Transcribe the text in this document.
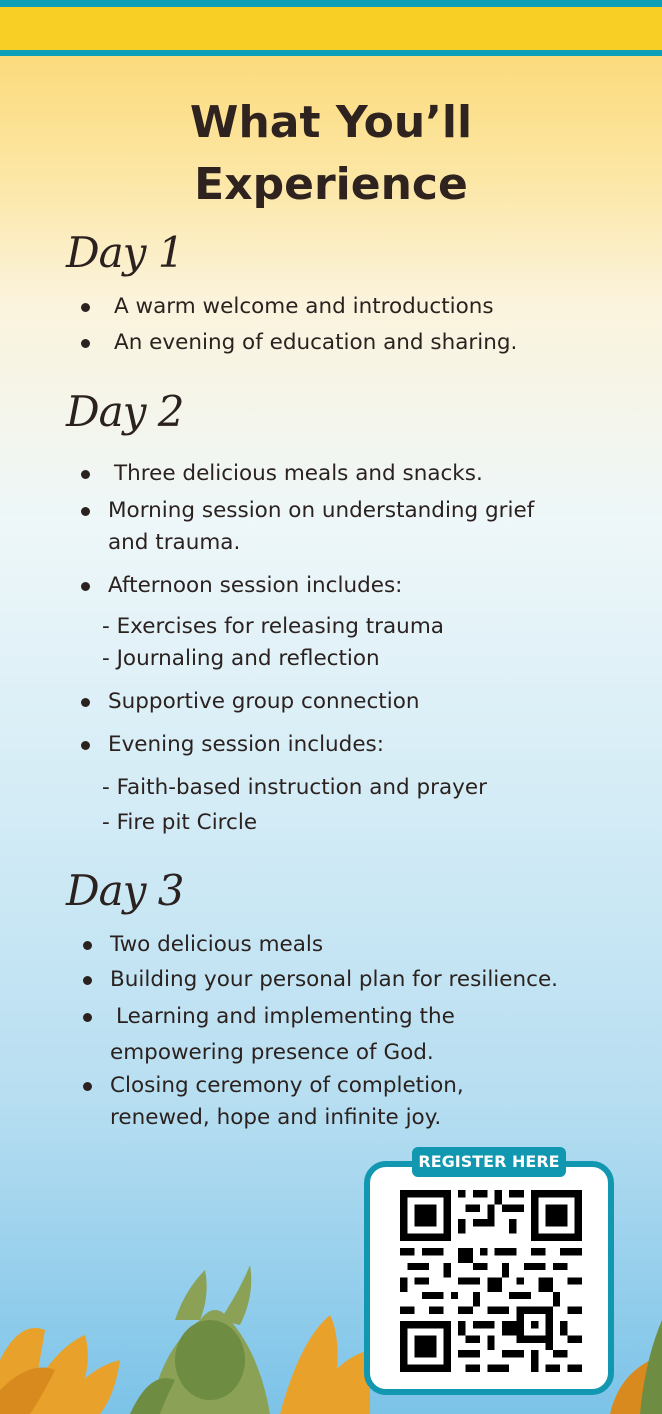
What You’ll
Experience
Day 1
A warm welcome and introductions
An evening of education and sharing.
Day 2
Three delicious meals and snacks.
Morning session on understanding grief
and trauma.
Afternoon session includes:
- Exercises for releasing trauma
- Journaling and reflection
Supportive group connection
Evening session includes:
- Faith-based instruction and prayer
- Fire pit Circle
Day 3
Two delicious meals
Building your personal plan for resilience.
Learning and implementing the
empowering presence of God.
Closing ceremony of completion,
renewed, hope and infinite joy.
REGISTER HERE
